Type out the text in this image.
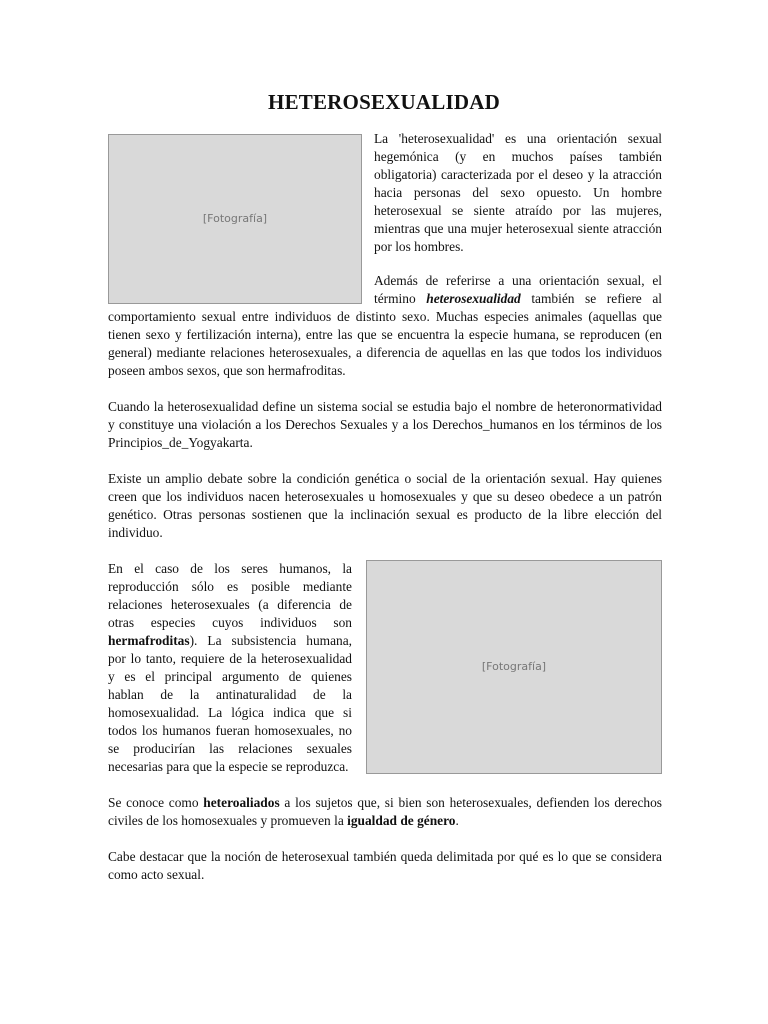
HETEROSEXUALIDAD
[Fotografía]

La 'heterosexualidad' es una orientación sexual hegemónica (y en muchos países también obligatoria) caracterizada por el deseo y la atracción hacia personas del sexo opuesto. Un hombre heterosexual se siente atraído por las mujeres, mientras que una mujer heterosexual siente atracción por los hombres.

Además de referirse a una orientación sexual, el término heterosexualidad también se refiere al comportamiento sexual entre individuos de distinto sexo. Muchas especies animales (aquellas que tienen sexo y fertilización interna), entre las que se encuentra la especie humana, se reproducen (en general) mediante relaciones heterosexuales, a diferencia de aquellas en las que todos los individuos poseen ambos sexos, que son hermafroditas.

Cuando la heterosexualidad define un sistema social se estudia bajo el nombre de heteronormatividad y constituye una violación a los Derechos Sexuales y a los Derechos_humanos en los términos de los Principios_de_Yogyakarta.

Existe un amplio debate sobre la condición genética o social de la orientación sexual. Hay quienes creen que los individuos nacen heterosexuales u homosexuales y que su deseo obedece a un patrón genético. Otras personas sostienen que la inclinación sexual es producto de la libre elección del individuo.

[Fotografía]

En el caso de los seres humanos, la reproducción sólo es posible mediante relaciones heterosexuales (a diferencia de otras especies cuyos individuos son hermafroditas). La subsistencia humana, por lo tanto, requiere de la heterosexualidad y es el principal argumento de quienes hablan de la antinaturalidad de la homosexualidad. La lógica indica que si todos los humanos fueran homosexuales, no se producirían las relaciones sexuales necesarias para que la especie se reproduzca.

Se conoce como heteroaliados a los sujetos que, si bien son heterosexuales, defienden los derechos civiles de los homosexuales y promueven la igualdad de género.

Cabe destacar que la noción de heterosexual también queda delimitada por qué es lo que se considera como acto sexual.
